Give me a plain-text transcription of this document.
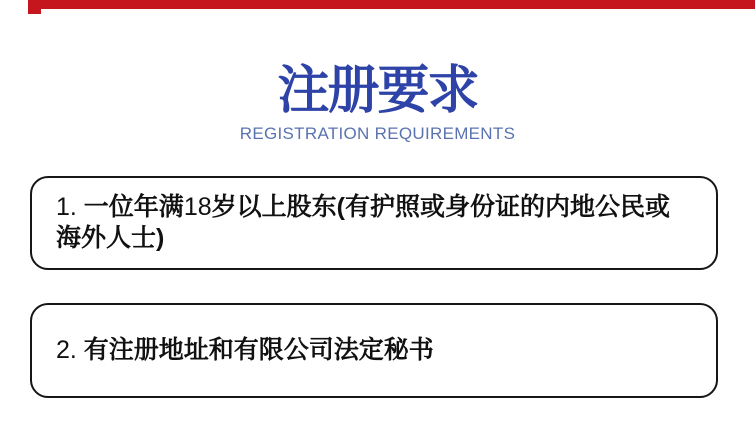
注册要求
REGISTRATION REQUIREMENTS
1. 一位年满18岁以上股东(有护照或身份证的内地公民或
海外人士)
2. 有注册地址和有限公司法定秘书
